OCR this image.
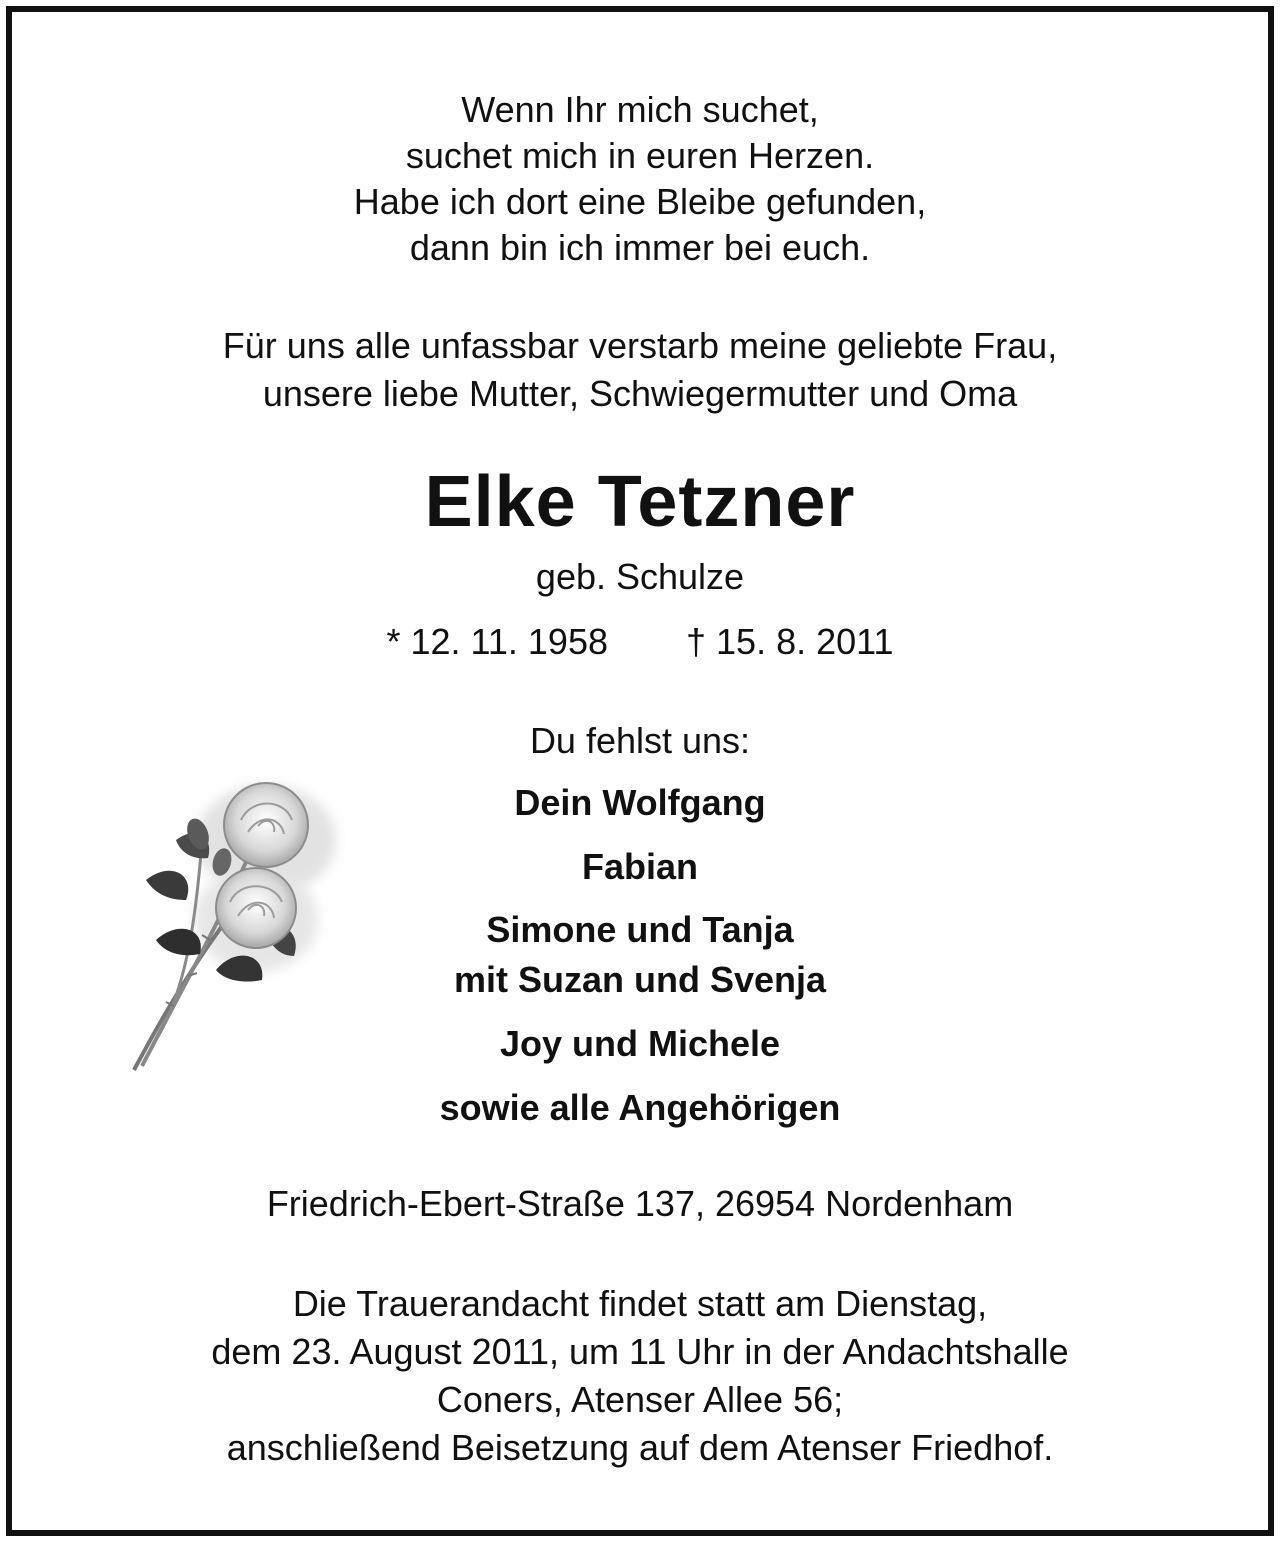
Wenn Ihr mich suchet,
suchet mich in euren Herzen.
Habe ich dort eine Bleibe gefunden,
dann bin ich immer bei euch.
Für uns alle unfassbar verstarb meine geliebte Frau,
unsere liebe Mutter, Schwiegermutter und Oma
Elke Tetzner
geb. Schulze
* 12. 11. 1958 † 15. 8. 2011
Du fehlst uns:
Dein Wolfgang
Fabian
Simone und Tanja
mit Suzan und Svenja
Joy und Michele
sowie alle Angehörigen
Friedrich-Ebert-Straße 137, 26954 Nordenham
Die Trauerandacht findet statt am Dienstag,
dem 23. August 2011, um 11 Uhr in der Andachtshalle
Coners, Atenser Allee 56;
anschließend Beisetzung auf dem Atenser Friedhof.
